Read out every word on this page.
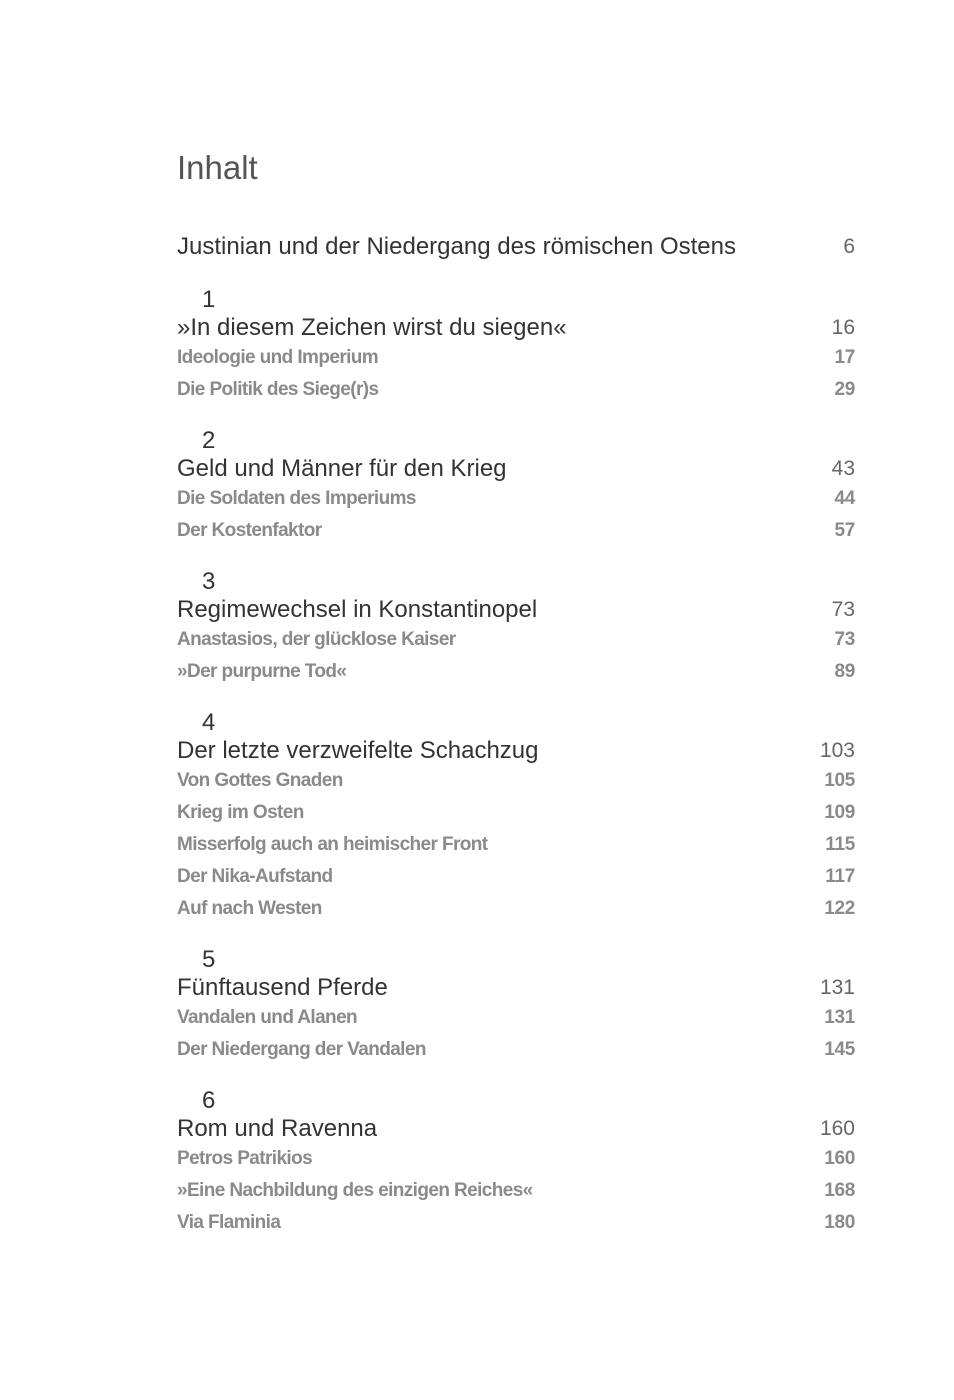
Inhalt
Justinian und der Niedergang des römischen Ostens	6
1
»In diesem Zeichen wirst du siegen«	16
Ideologie und Imperium	17
Die Politik des Siege(r)s	29
2
Geld und Männer für den Krieg	43
Die Soldaten des Imperiums	44
Der Kostenfaktor	57
3
Regimewechsel in Konstantinopel	73
Anastasios, der glücklose Kaiser	73
»Der purpurne Tod«	89
4
Der letzte verzweifelte Schachzug	103
Von Gottes Gnaden	105
Krieg im Osten	109
Misserfolg auch an heimischer Front	115
Der Nika-Aufstand	117
Auf nach Westen	122
5
Fünftausend Pferde	131
Vandalen und Alanen	131
Der Niedergang der Vandalen	145
6
Rom und Ravenna	160
Petros Patrikios	160
»Eine Nachbildung des einzigen Reiches«	168
Via Flaminia	180
